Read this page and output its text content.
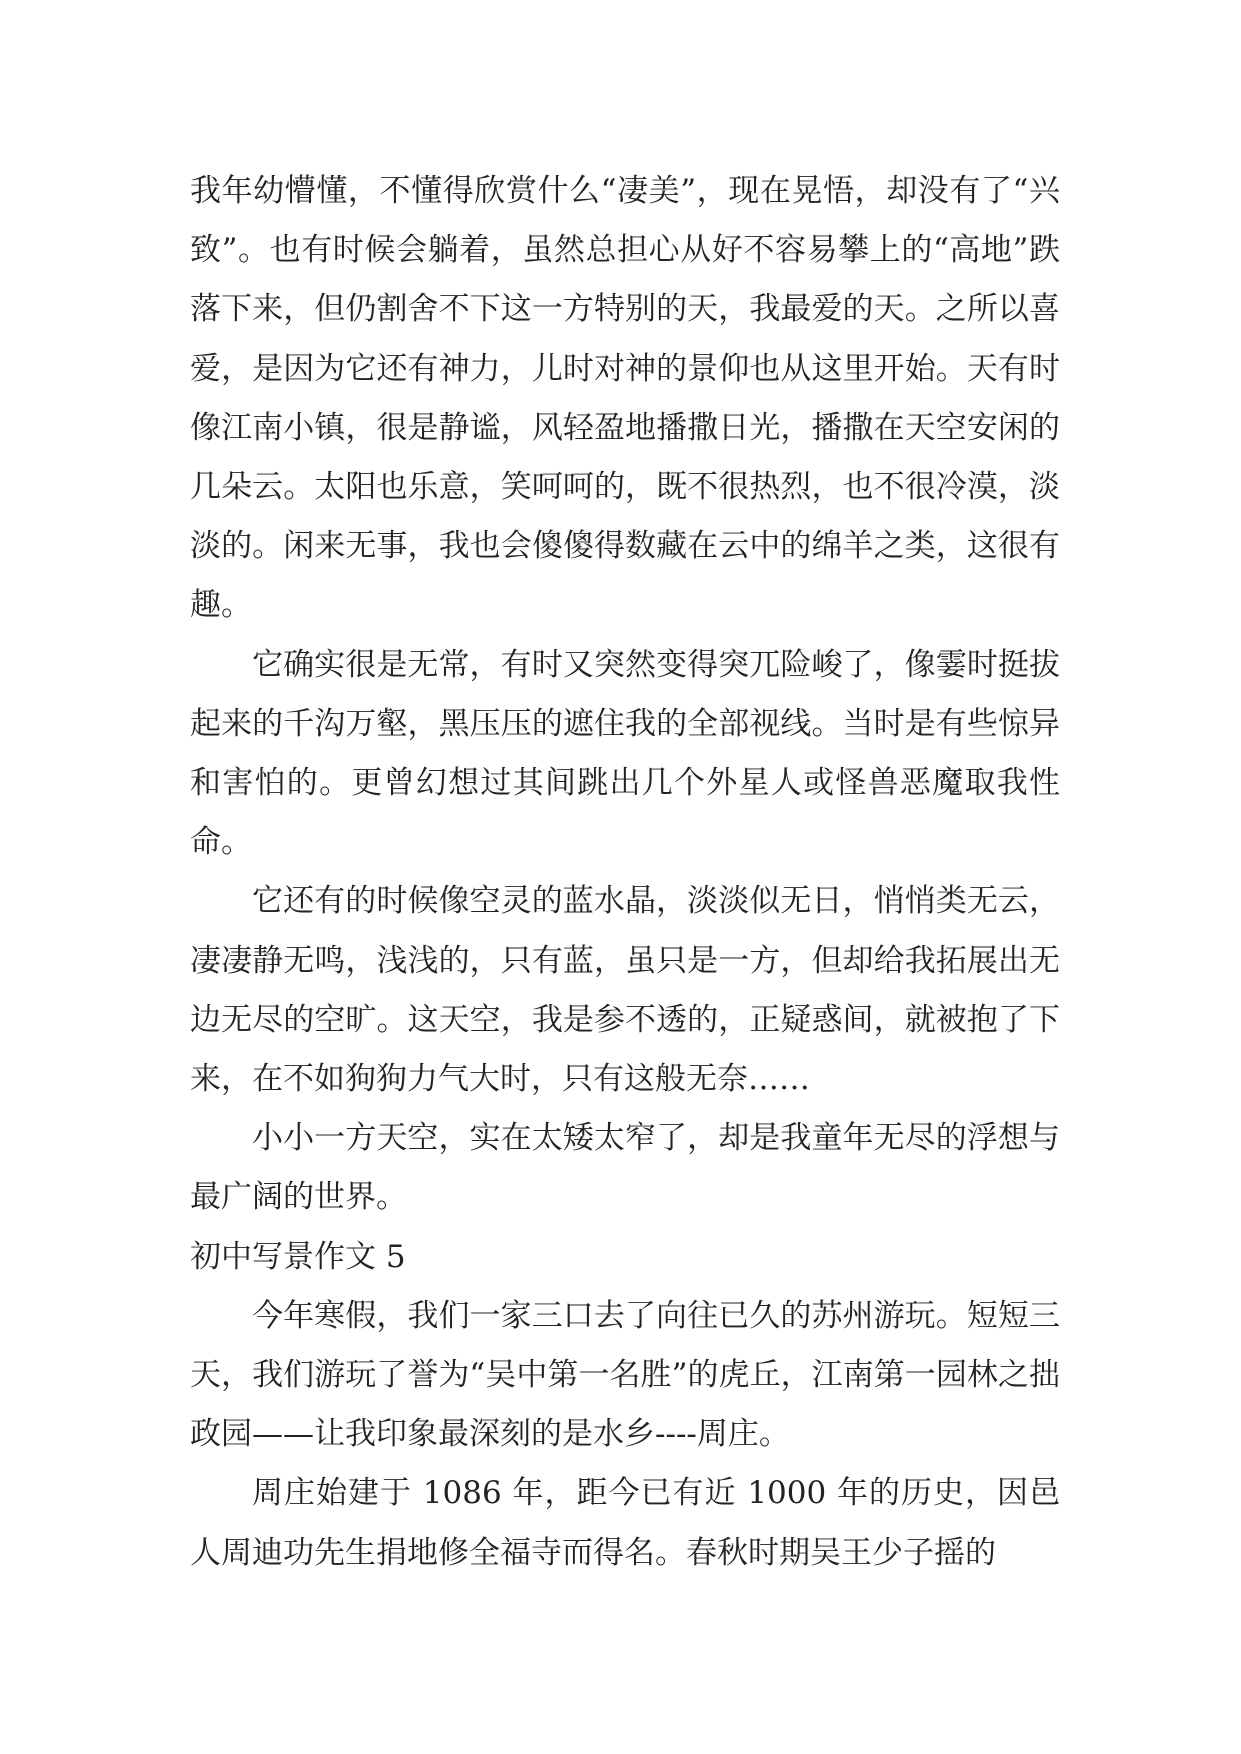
我年幼懵懂，不懂得欣赏什么“凄美”，现在晃悟，却没有了“兴致”。也有时候会躺着，虽然总担心从好不容易攀上的“高地”跌落下来，但仍割舍不下这一方特别的天，我最爱的天。之所以喜爱，是因为它还有神力，儿时对神的景仰也从这里开始。天有时像江南小镇，很是静谧，风轻盈地播撒日光，播撒在天空安闲的几朵云。太阳也乐意，笑呵呵的，既不很热烈，也不很冷漠，淡淡的。闲来无事，我也会傻傻得数藏在云中的绵羊之类，这很有趣。

它确实很是无常，有时又突然变得突兀险峻了，像霎时挺拔起来的千沟万壑，黑压压的遮住我的全部视线。当时是有些惊异和害怕的。更曾幻想过其间跳出几个外星人或怪兽恶魔取我性命。

它还有的时候像空灵的蓝水晶，淡淡似无日，悄悄类无云，凄凄静无鸣，浅浅的，只有蓝，虽只是一方，但却给我拓展出无边无尽的空旷。这天空，我是参不透的，正疑惑间，就被抱了下来，在不如狗狗力气大时，只有这般无奈……

小小一方天空，实在太矮太窄了，却是我童年无尽的浮想与最广阔的世界。

初中写景作文 5

今年寒假，我们一家三口去了向往已久的苏州游玩。短短三天，我们游玩了誉为“吴中第一名胜”的虎丘，江南第一园林之拙政园——让我印象最深刻的是水乡----周庄。

周庄始建于 1086 年，距今已有近 1000 年的历史，因邑人周迪功先生捐地修全福寺而得名。春秋时期吴王少子摇的
